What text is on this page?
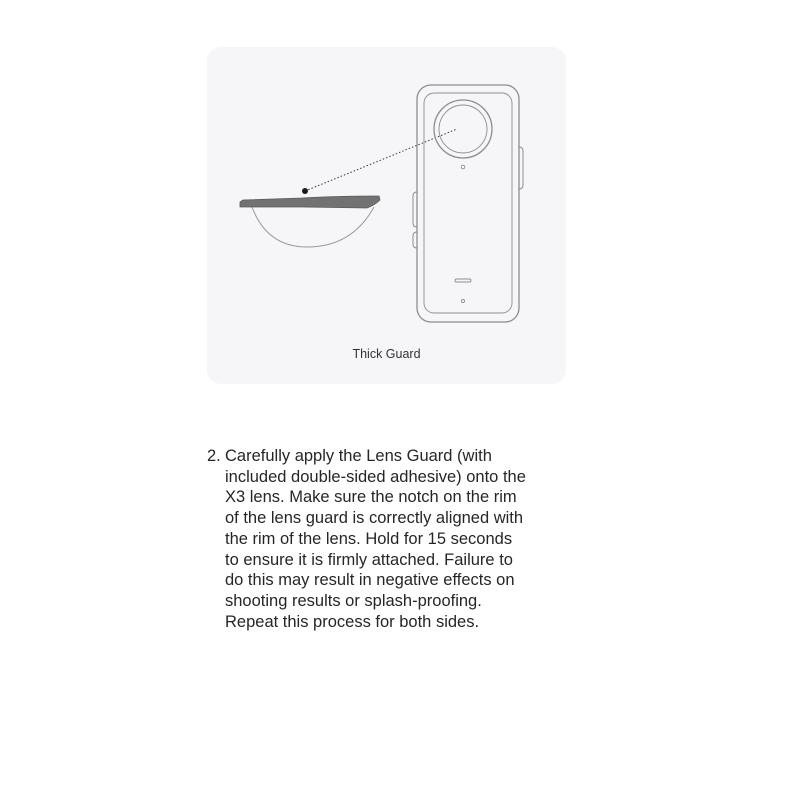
Thick Guard
2. Carefully apply the Lens Guard (with
included double-sided adhesive) onto the
X3 lens. Make sure the notch on the rim
of the lens guard is correctly aligned with
the rim of the lens. Hold for 15 seconds
to ensure it is firmly attached. Failure to
do this may result in negative effects on
shooting results or splash-proofing.
Repeat this process for both sides.
